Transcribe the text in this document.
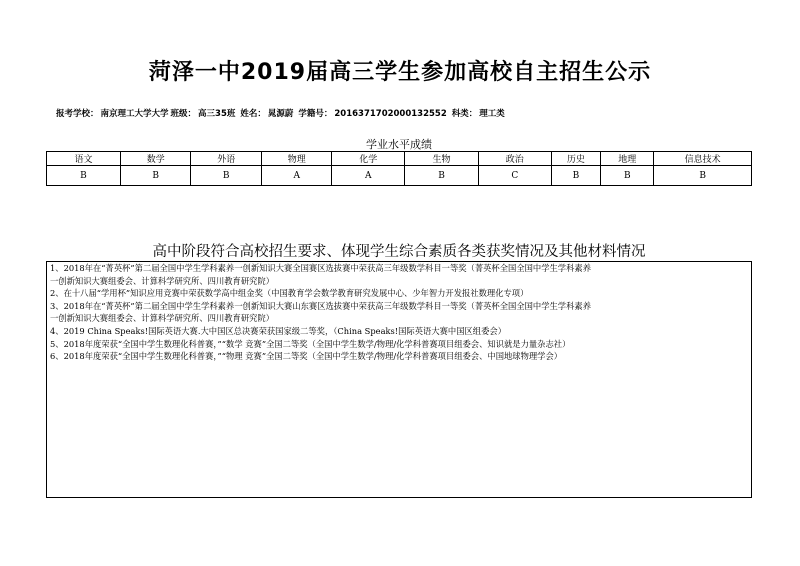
菏泽一中2019届高三学生参加高校自主招生公示
报考学校： 南京理工大学大学 班级： 高三35班 姓名： 晁源蔚 学籍号： 2016371702000132552 科类： 理工类
学业水平成绩
语文	数学	外语	物理	化学	生物	政治	历史	地理	信息技术
B	B	B	A	A	B	C	B	B	B
高中阶段符合高校招生要求、体现学生综合素质各类获奖情况及其他材料情况
1、2018年在“菁英杯”第二届全国中学生学科素养一创新知识大赛全国赛区选拔赛中荣获高三年级数学科目一等奖（菁英杯全国全国中学生学科素养
一创新知识大赛组委会、计算科学研究所、四川教育研究院）
2、在十八届“学用杯”知识应用竞赛中荣获数学高中组金奖（中国教育学会数学教育研究发展中心、少年智力开发报社数理化专项）
3、2018年在“菁英杯”第二届全国中学生学科素养一创新知识大赛山东赛区选拔赛中荣获高三年级数学科目一等奖（菁英杯全国全国中学生学科素养
一创新知识大赛组委会、计算科学研究所、四川教育研究院）
4、2019 China Speaks!国际英语大赛.大中国区总决赛荣获国家级二等奖，（China Speaks!国际英语大赛中国区组委会）
5、2018年度荣获“全国中学生数理化科普赛，”“数学 竞赛”全国二等奖（全国中学生数学/物理/化学科普赛项目组委会、知识就是力量杂志社）
6、2018年度荣获“全国中学生数理化科普赛，”“物理 竞赛”全国二等奖（全国中学生数学/物理/化学科普赛项目组委会、中国地球物理学会）
